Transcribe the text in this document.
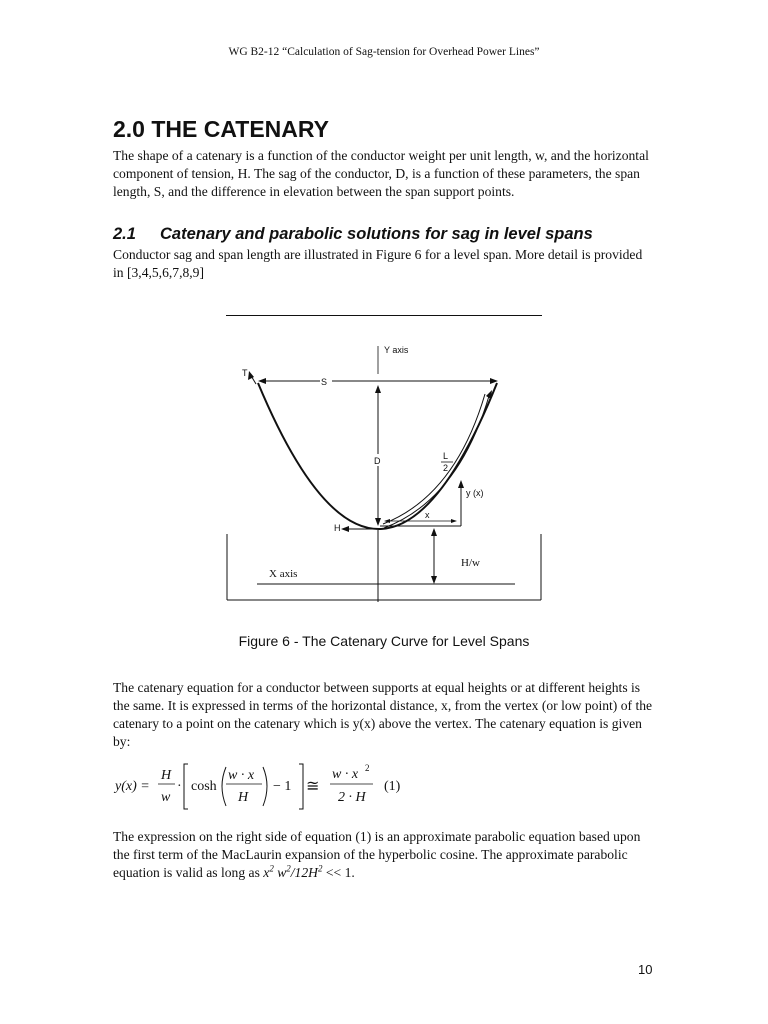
WG B2-12 “Calculation of Sag-tension for Overhead Power Lines”
2.0 THE CATENARY

The shape of a catenary is a function of the conductor weight per unit length, w, and the horizontal component of tension, H. The sag of the conductor, D, is a function of these parameters, the span length, S, and the difference in elevation between the span support points.

2.1 Catenary and parabolic solutions for sag in level spans

Conductor sag and span length are illustrated in Figure 6 for a level span. More detail is provided in [3,4,5,6,7,8,9]

Y axis
T
S
D	L
2
y (x)
x
H
H/w
X axis
Figure 6 - The Catenary Curve for Level Spans

The catenary equation for a conductor between supports at equal heights or at different heights is the same. It is expressed in terms of the horizontal distance, x, from the vertex (or low point) of the catenary to a point on the catenary which is y(x) above the vertex. The catenary equation is given by:

y(x) =
H
w
· cosh
w · x
H
− 1 ≅
w · x 2
2 · H
(1)

The expression on the right side of equation (1) is an approximate parabolic equation based upon the first term of the MacLaurin expansion of the hyperbolic cosine. The approximate parabolic equation is valid as long as $x^2$ $w^2/12H^2 << 1$.

10
